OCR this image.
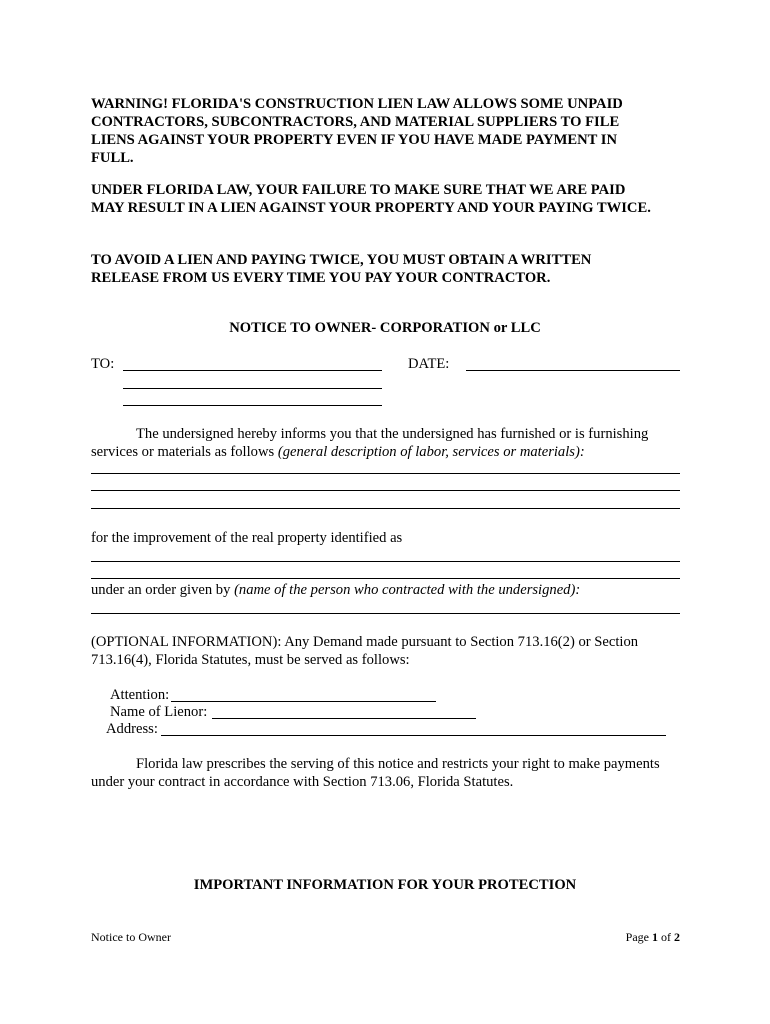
WARNING! FLORIDA'S CONSTRUCTION LIEN LAW ALLOWS SOME UNPAID CONTRACTORS, SUBCONTRACTORS, AND MATERIAL SUPPLIERS TO FILE LIENS AGAINST YOUR PROPERTY EVEN IF YOU HAVE MADE PAYMENT IN FULL.
UNDER FLORIDA LAW, YOUR FAILURE TO MAKE SURE THAT WE ARE PAID MAY RESULT IN A LIEN AGAINST YOUR PROPERTY AND YOUR PAYING TWICE.
TO AVOID A LIEN AND PAYING TWICE, YOU MUST OBTAIN A WRITTEN RELEASE FROM US EVERY TIME YOU PAY YOUR CONTRACTOR.
NOTICE TO OWNER- CORPORATION or LLC
TO:	DATE:
The undersigned hereby informs you that the undersigned has furnished or is furnishing services or materials as follows (general description of labor, services or materials):
for the improvement of the real property identified as
under an order given by (name of the person who contracted with the undersigned):
(OPTIONAL INFORMATION): Any Demand made pursuant to Section 713.16(2) or Section 713.16(4), Florida Statutes, must be served as follows:
Attention:
Name of Lienor:
Address:
Florida law prescribes the serving of this notice and restricts your right to make payments under your contract in accordance with Section 713.06, Florida Statutes.
IMPORTANT INFORMATION FOR YOUR PROTECTION
Notice to Owner	Page 1 of 2
